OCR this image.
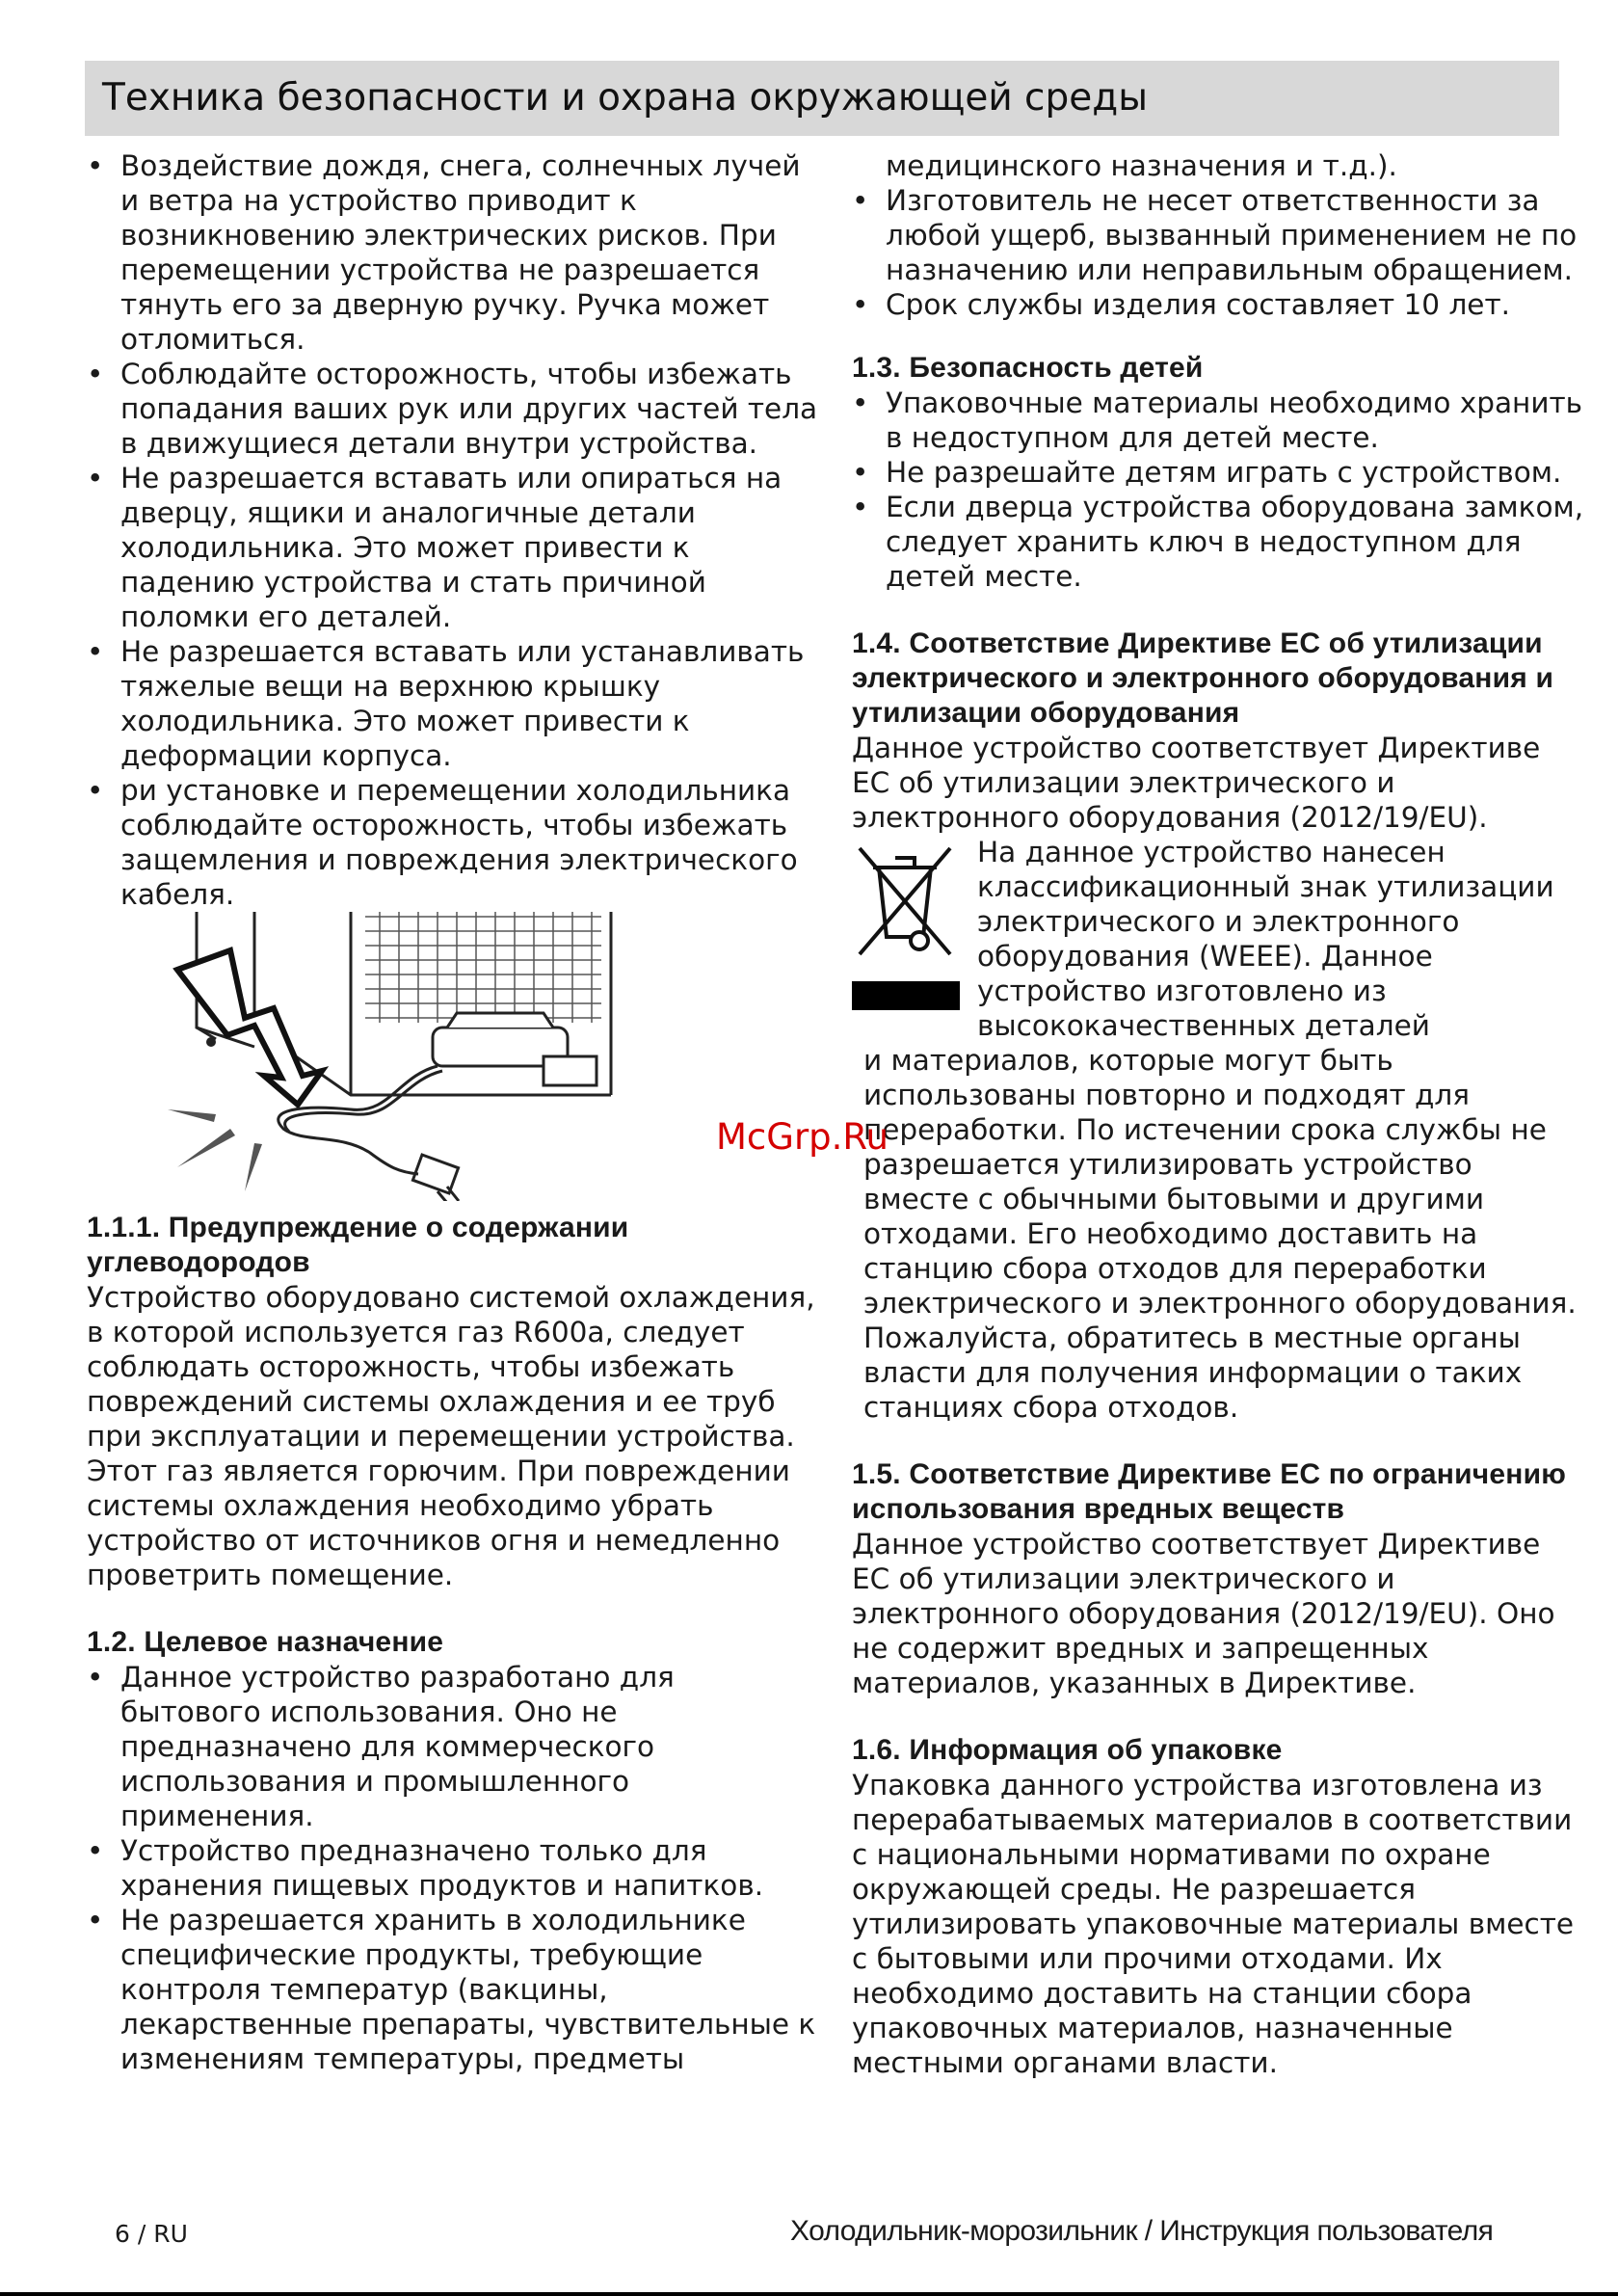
Техника безопасности и охрана окружающей среды
• Воздействие дождя, снега, солнечных лучей и ветра на устройство приводит к возникновению электрических рисков. При перемещении устройства не разрешается тянуть его за дверную ручку. Ручка может отломиться.
• Соблюдайте осторожность, чтобы избежать попадания ваших рук или других частей тела в движущиеся детали внутри устройства.
• Не разрешается вставать или опираться на дверцу, ящики и аналогичные детали холодильника. Это может привести к падению устройства и стать причиной поломки его деталей.
• Не разрешается вставать или устанавливать тяжелые вещи на верхнюю крышку холодильника. Это может привести к деформации корпуса.
• ри установке и перемещении холодильника соблюдайте осторожность, чтобы избежать защемления и повреждения электрического кабеля.
1.1.1. Предупреждение о содержании углеводородов

Устройство оборудовано системой охлаждения, в которой используется газ R600a, следует соблюдать осторожность, чтобы избежать повреждений системы охлаждения и ее труб при эксплуатации и перемещении устройства. Этот газ является горючим. При повреждении системы охлаждения необходимо убрать устройство от источников огня и немедленно проветрить помещение.

1.2. Целевое назначение
• Данное устройство разработано для бытового использования. Оно не предназначено для коммерческого использования и промышленного применения.
• Устройство предназначено только для хранения пищевых продуктов и напитков.
• Не разрешается хранить в холодильнике специфические продукты, требующие контроля температур (вакцины, лекарственные препараты, чувствительные к изменениям температуры, предметы
медицинского назначения и т.д.).
• Изготовитель не несет ответственности за любой ущерб, вызванный применением не по назначению или неправильным обращением.
• Срок службы изделия составляет 10 лет.
1.3. Безопасность детей
• Упаковочные материалы необходимо хранить в недоступном для детей месте.
• Не разрешайте детям играть с устройством.
• Если дверца устройства оборудована замком, следует хранить ключ в недоступном для детей месте.
1.4. Соответствие Директиве ЕС об утилизации электрического и электронного оборудования и утилизации оборудования

Данное устройство соответствует Директиве ЕС об утилизации электрического и электронного оборудования (2012/19/EU).

На данное устройство нанесен классификационный знак утилизации электрического и электронного оборудования (WEEE). Данное устройство изготовлено из высококачественных деталей
и материалов, которые могут быть использованы повторно и подходят для переработки. По истечении срока службы не разрешается утилизировать устройство вместе с обычными бытовыми и другими отходами. Его необходимо доставить на станцию сбора отходов для переработки электрического и электронного оборудования. Пожалуйста, обратитесь в местные органы власти для получения информации о таких станциях сбора отходов.
1.5. Соответствие Директиве ЕС по ограничению использования вредных веществ

Данное устройство соответствует Директиве ЕС об утилизации электрического и электронного оборудования (2012/19/EU). Оно не содержит вредных и запрещенных материалов, указанных в Директиве.

1.6. Информация об упаковке

Упаковка данного устройства изготовлена из перерабатываемых материалов в соответствии с национальными нормативами по охране окружающей среды. Не разрешается утилизировать упаковочные материалы вместе с бытовыми или прочими отходами. Их необходимо доставить на станции сбора упаковочных материалов, назначенные местными органами власти.

McGrp.Ru
6 / RU	Холодильник-морозильник / Инструкция пользователя
